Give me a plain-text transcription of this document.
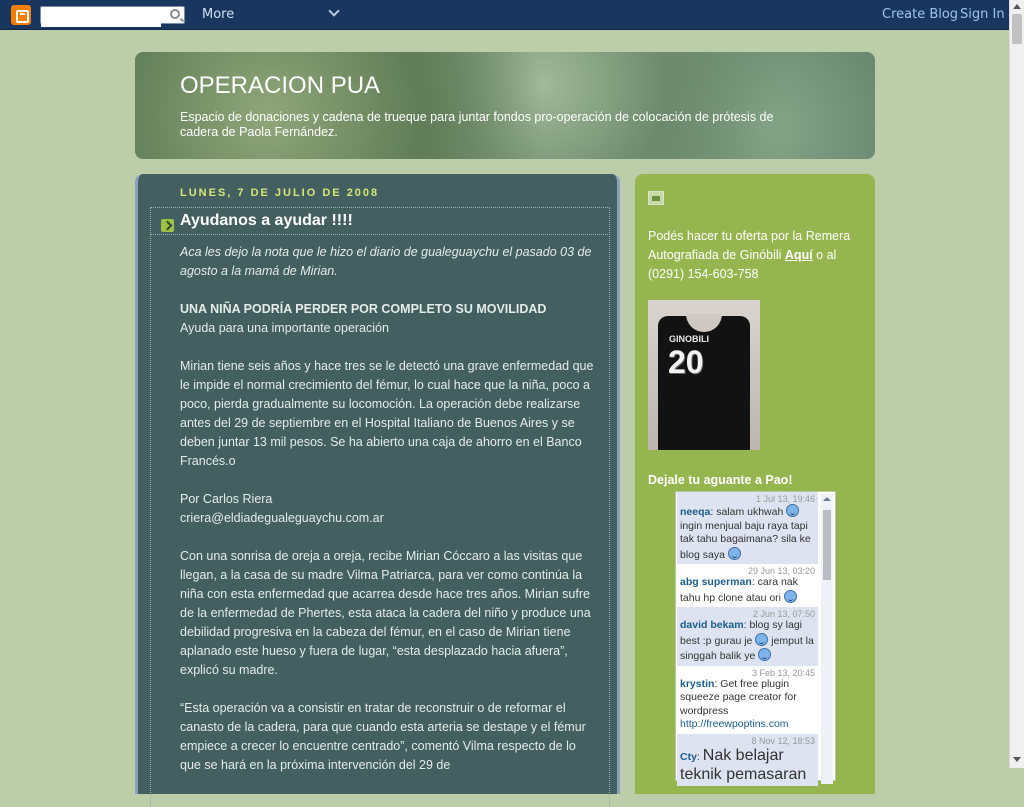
More	Create Blog Sign In
OPERACION PUA
Espacio de donaciones y cadena de trueque para juntar fondos pro-operación de colocación de prótesis de cadera de Paola Fernández.
LUNES, 7 DE JULIO DE 2008
Ayudanos a ayudar !!!!

Aca les dejo la nota que le hizo el diario de gualeguaychu el pasado 03 de agosto a la mamá de Mirian.

UNA NIÑA PODRÍA PERDER POR COMPLETO SU MOVILIDAD
Ayuda para una importante operación

Mirian tiene seis años y hace tres se le detectó una grave enfermedad que le impide el normal crecimiento del fémur, lo cual hace que la niña, poco a poco, pierda gradualmente su locomoción. La operación debe realizarse antes del 29 de septiembre en el Hospital Italiano de Buenos Aires y se deben juntar 13 mil pesos. Se ha abierto una caja de ahorro en el Banco Francés.o

Por Carlos Riera
criera@eldiadegualeguaychu.com.ar

Con una sonrisa de oreja a oreja, recibe Mirian Cóccaro a las visitas que llegan, a la casa de su madre Vilma Patriarca, para ver como continúa la niña con esta enfermedad que acarrea desde hace tres años. Mirian sufre de la enfermedad de Phertes, esta ataca la cadera del niño y produce una debilidad progresiva en la cabeza del fémur, en el caso de Mirian tiene aplanado este hueso y fuera de lugar, “esta desplazado hacia afuera”, explicó su madre.

“Esta operación va a consistir en tratar de reconstruir o de reformar el canasto de la cadera, para que cuando esta arteria se destape y el fémur empiece a crecer lo encuentre centrado”, comentó Vilma respecto de lo que se hará en la próxima intervención del 29 de

Podés hacer tu oferta por la Remera Autografiada de Ginóbili Aquí o al (0291) 154-603-758
GINOBILI
20
Dejale tu aguante a Pao!
1 Jul 13, 19:46
neeqa: salam ukhwah  ingin menjual baju raya tapi tak tahu bagaimana? sila ke blog saya
29 Jun 13, 03:20
abg superman: cara nak tahu hp clone atau ori
2 Jun 13, 07:50
david bekam: blog sy lagi best :p gurau je  jemput la singgah balik ye
3 Feb 13, 20:45
krystin: Get free plugin squeeze page creator for wordpress http://freewpoptins.com
8 Nov 12, 18:53
Cty: Nak belajar teknik pemasaran
